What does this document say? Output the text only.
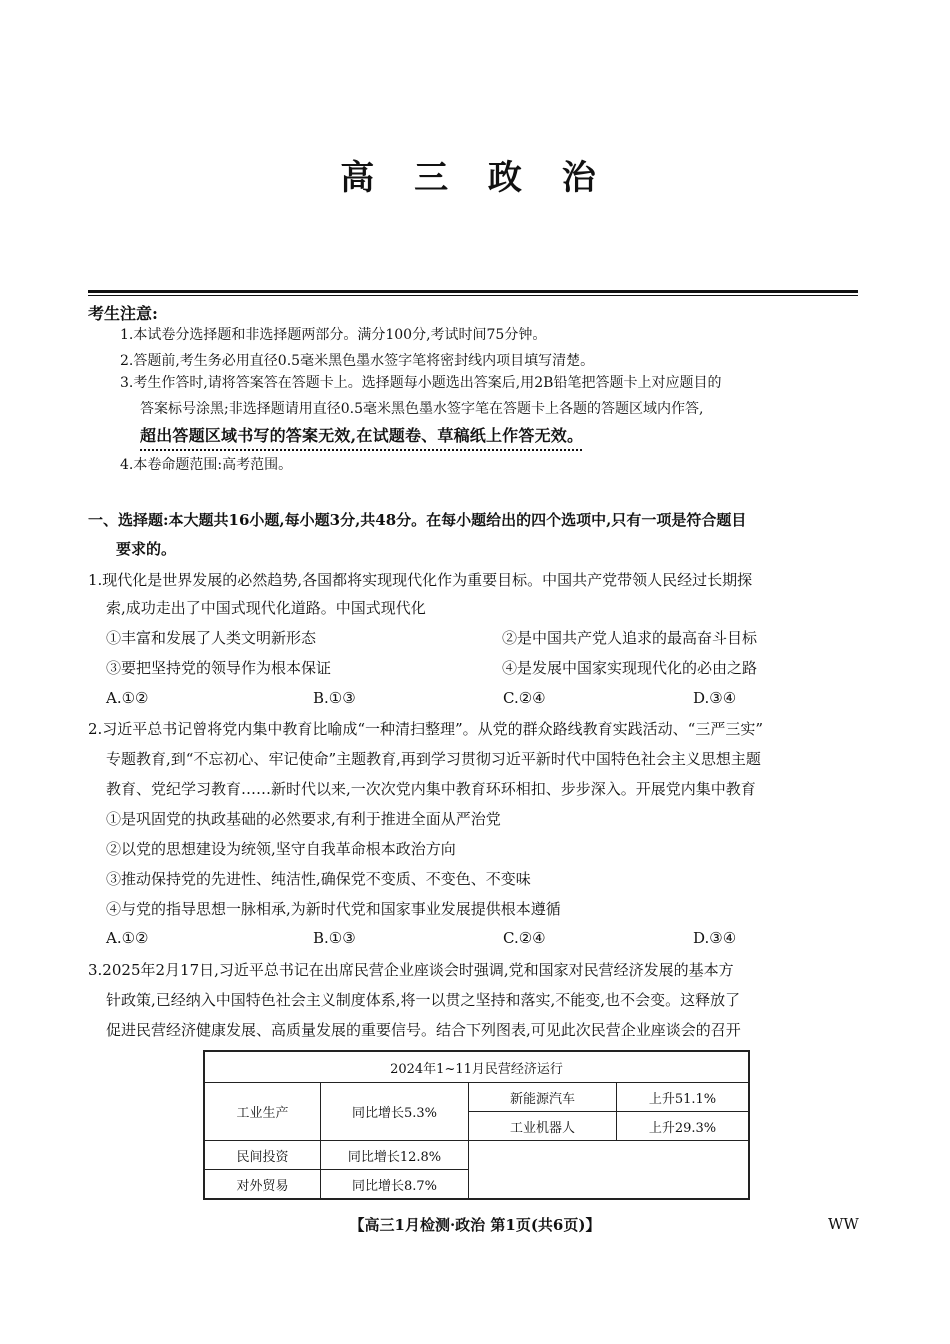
高 三 政 治
考生注意:
1.本试卷分选择题和非选择题两部分。满分100分,考试时间75分钟。
2.答题前,考生务必用直径0.5毫米黑色墨水签字笔将密封线内项目填写清楚。
3.考生作答时,请将答案答在答题卡上。选择题每小题选出答案后,用2B铅笔把答题卡上对应题目的
答案标号涂黑;非选择题请用直径0.5毫米黑色墨水签字笔在答题卡上各题的答题区域内作答,
超出答题区域书写的答案无效,在试题卷、草稿纸上作答无效。
4.本卷命题范围:高考范围。
一、选择题:本大题共16小题,每小题3分,共48分。在每小题给出的四个选项中,只有一项是符合题目
要求的。
1.现代化是世界发展的必然趋势,各国都将实现现代化作为重要目标。中国共产党带领人民经过长期探
索,成功走出了中国式现代化道路。中国式现代化
①丰富和发展了人类文明新形态	②是中国共产党人追求的最高奋斗目标
③要把坚持党的领导作为根本保证	④是发展中国家实现现代化的必由之路
A.①②	B.①③	C.②④	D.③④
2.习近平总书记曾将党内集中教育比喻成“一种清扫整理”。从党的群众路线教育实践活动、“三严三实”
专题教育,到“不忘初心、牢记使命”主题教育,再到学习贯彻习近平新时代中国特色社会主义思想主题
教育、党纪学习教育……新时代以来,一次次党内集中教育环环相扣、步步深入。开展党内集中教育
①是巩固党的执政基础的必然要求,有利于推进全面从严治党
②以党的思想建设为统领,坚守自我革命根本政治方向
③推动保持党的先进性、纯洁性,确保党不变质、不变色、不变味
④与党的指导思想一脉相承,为新时代党和国家事业发展提供根本遵循
A.①②	B.①③	C.②④	D.③④
3.2025年2月17日,习近平总书记在出席民营企业座谈会时强调,党和国家对民营经济发展的基本方
针政策,已经纳入中国特色社会主义制度体系,将一以贯之坚持和落实,不能变,也不会变。这释放了
促进民营经济健康发展、高质量发展的重要信号。结合下列图表,可见此次民营企业座谈会的召开
2024年1~11月民营经济运行			
工业生产	同比增长5.3%	新能源汽车	上升51.1%
		工业机器人	上升29.3%
民间投资	同比增长12.8%		
对外贸易	同比增长8.7%		
【高三1月检测·政治 第1页(共6页)】	WW
